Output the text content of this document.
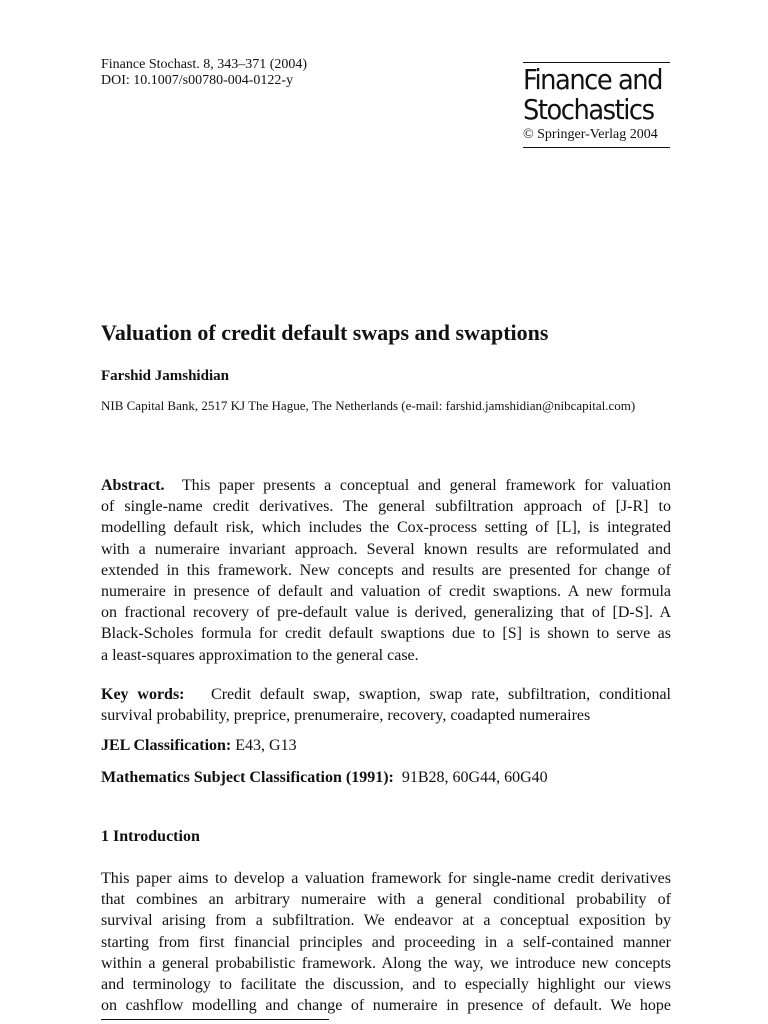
Finance Stochast. 8, 343–371 (2004)
DOI: 10.1007/s00780-004-0122-y	Finance and
Stochastics
© Springer-Verlag 2004
Valuation of credit default swaps and swaptions
Farshid Jamshidian
NIB Capital Bank, 2517 KJ The Hague, The Netherlands (e-mail: farshid.jamshidian@nibcapital.com)
Abstract. This paper presents a conceptual and general framework for valuation
of single-name credit derivatives. The general subfiltration approach of [J-R] to
modelling default risk, which includes the Cox-process setting of [L], is integrated
with a numeraire invariant approach. Several known results are reformulated and
extended in this framework. New concepts and results are presented for change of
numeraire in presence of default and valuation of credit swaptions. A new formula
on fractional recovery of pre-default value is derived, generalizing that of [D-S]. A
Black-Scholes formula for credit default swaptions due to [S] is shown to serve as
a least-squares approximation to the general case.
Key words: Credit default swap, swaption, swap rate, subfiltration, conditional
survival probability, preprice, prenumeraire, recovery, coadapted numeraires
JEL Classification: E43, G13
Mathematics Subject Classification (1991): 91B28, 60G44, 60G40
1 Introduction
This paper aims to develop a valuation framework for single-name credit derivatives
that combines an arbitrary numeraire with a general conditional probability of
survival arising from a subfiltration. We endeavor at a conceptual exposition by
starting from first financial principles and proceeding in a self-contained manner
within a general probabilistic framework. Along the way, we introduce new concepts
and terminology to facilitate the discussion, and to especially highlight our views
on cashflow modelling and change of numeraire in presence of default. We hope
